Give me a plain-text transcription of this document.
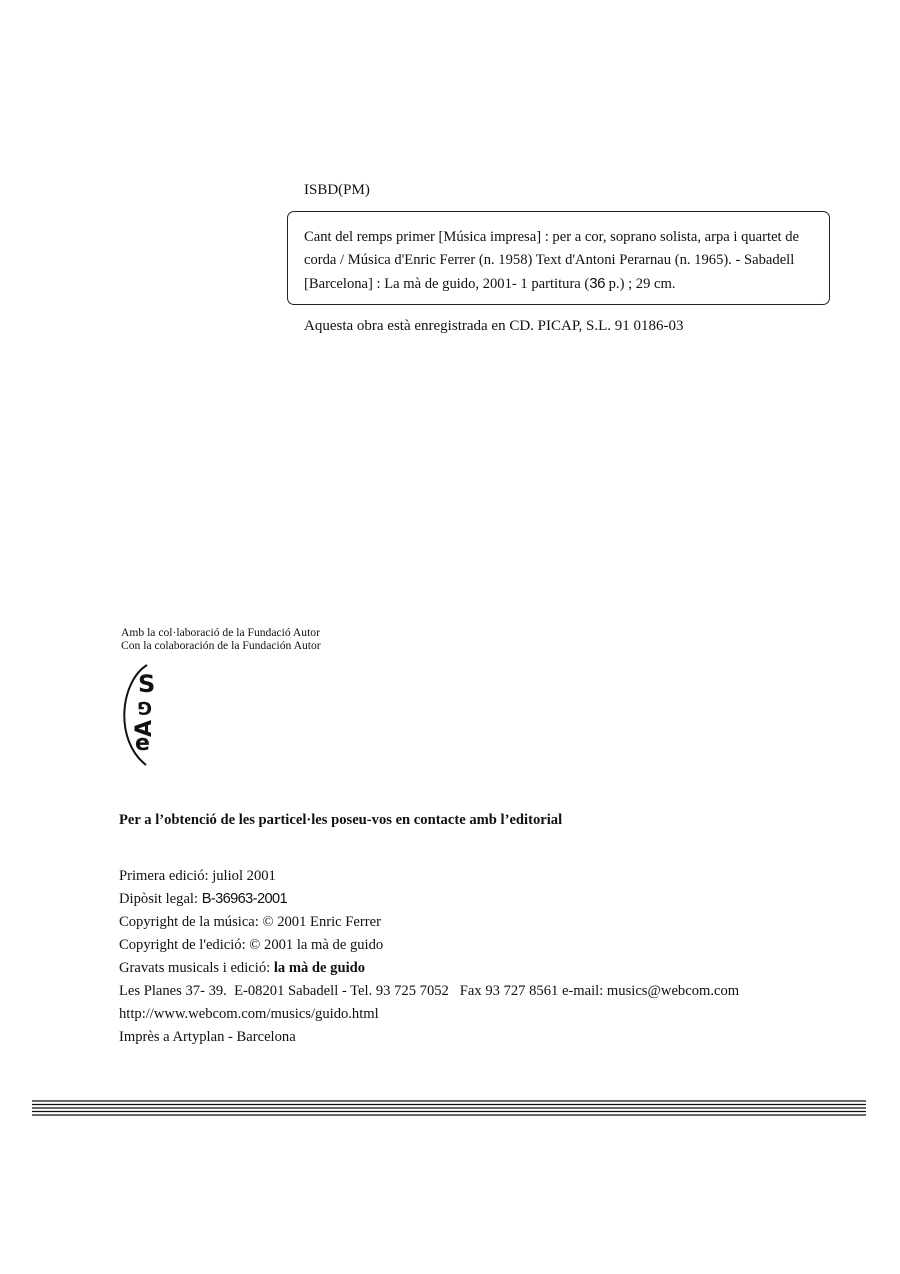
ISBD(PM)
Cant del remps primer [Música impresa] : per a cor, soprano solista, arpa i quartet de corda / Música d'Enric Ferrer (n. 1958) Text d'Antoni Perarnau (n. 1965). - Sabadell [Barcelona] : La mà de guido, 2001- 1 partitura (36 p.) ; 29 cm.
Aquesta obra està enregistrada en CD. PICAP, S.L. 91 0186-03
Amb la col·laboració de la Fundació Autor
Con la colaboración de la Fundación Autor
S
G
A
e
Per a l’obtenció de les particel·les poseu-vos en contacte amb l’editorial
Primera edició: juliol 2001
Dipòsit legal: B-36963-2001
Copyright de la música: © 2001 Enric Ferrer
Copyright de l'edició: © 2001 la mà de guido
Gravats musicals i edició: la mà de guido
Les Planes 37- 39.  E-08201 Sabadell - Tel. 93 725 7052   Fax 93 727 8561 e-mail: musics@webcom.com
http://www.webcom.com/musics/guido.html
Imprès a Artyplan - Barcelona
